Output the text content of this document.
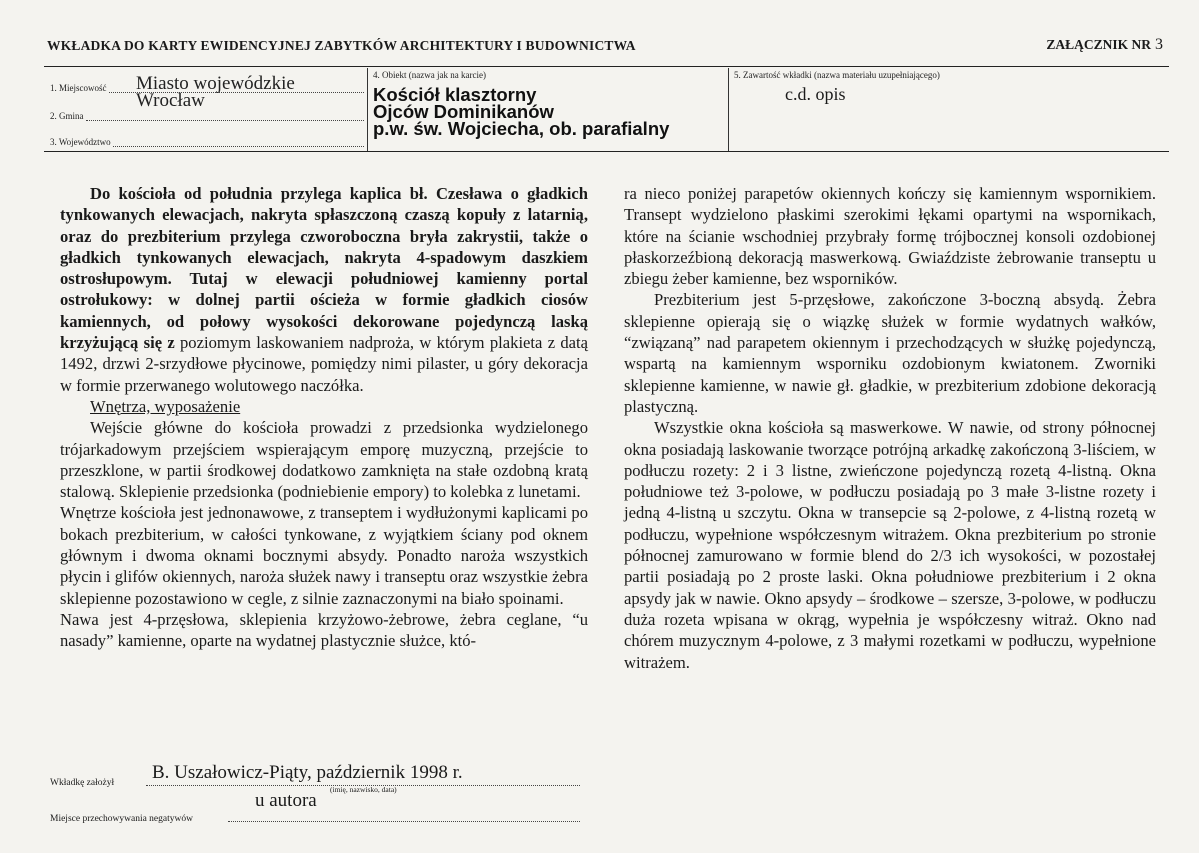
WKŁADKA DO KARTY EWIDENCYJNEJ ZABYTKÓW ARCHITEKTURY I BUDOWNICTWA	ZAŁĄCZNIK NR 3
1. Miejscowość Miasto wojewódzkie
2. Gmina
Wrocław
3. Województwo
4. Obiekt (nazwa jak na karcie)
Kościół klasztorny
Ojców Dominikanów
p.w. św. Wojciecha, ob. parafialny
5. Zawartość wkładki (nazwa materiału uzupełniającego)
c.d. opis

Do kościoła od południa przylega kaplica bł. Czesława o gładkich tynkowanych elewacjach, nakryta spłaszczoną czaszą kopuły z latarnią, oraz do prezbiterium przylega czworoboczna bryła zakrystii, także o gładkich tynkowanych elewacjach, nakryta 4-spadowym daszkiem ostrosłupowym. Tutaj w elewacji południowej kamienny portal ostrołukowy: w dolnej partii ościeża w formie gładkich ciosów kamiennych, od połowy wysokości dekorowane pojedynczą laską krzyżującą się z poziomym laskowaniem nadproża, w którym plakieta z datą 1492, drzwi 2-srzydłowe płycinowe, pomiędzy nimi pilaster, u góry dekoracja w formie przerwanego wolutowego naczółka.

Wnętrza, wyposażenie

Wejście główne do kościoła prowadzi z przedsionka wydzielonego trójarkadowym przejściem wspierającym emporę muzyczną, przejście to przeszklone, w partii środkowej dodatkowo zamknięta na stałe ozdobną kratą stalową. Sklepienie przedsionka (podniebienie empory) to kolebka z lunetami.

Wnętrze kościoła jest jednonawowe, z transeptem i wydłużonymi kaplicami po bokach prezbiterium, w całości tynkowane, z wyjątkiem ściany pod oknem głównym i dwoma oknami bocznymi absydy. Ponadto naroża wszystkich płycin i glifów okiennych, naroża służek nawy i transeptu oraz wszystkie żebra sklepienne pozostawiono w cegle, z silnie zaznaczonymi na biało spoinami.

Nawa jest 4-przęsłowa, sklepienia krzyżowo-żebrowe, żebra ceglane, “u nasady” kamienne, oparte na wydatnej plastycznie służce, któ-

ra nieco poniżej parapetów okiennych kończy się kamiennym wspornikiem. Transept wydzielono płaskimi szerokimi łękami opartymi na wspornikach, które na ścianie wschodniej przybrały formę trójbocznej konsoli ozdobionej płaskorzeźbioną dekoracją maswerkową. Gwiaździste żebrowanie transeptu u zbiegu żeber kamienne, bez wsporników.

Prezbiterium jest 5-przęsłowe, zakończone 3-boczną absydą. Żebra sklepienne opierają się o wiązkę służek w formie wydatnych wałków, “związaną” nad parapetem okiennym i przechodzących w służkę pojedynczą, wspartą na kamiennym wsporniku ozdobionym kwiatonem. Zworniki sklepienne kamienne, w nawie gł. gładkie, w prezbiterium zdobione dekoracją plastyczną.

Wszystkie okna kościoła są maswerkowe. W nawie, od strony północnej okna posiadają laskowanie tworzące potrójną arkadkę zakończoną 3-liściem, w podłuczu rozety: 2 i 3 listne, zwieńczone pojedynczą rozetą 4-listną. Okna południowe też 3-polowe, w podłuczu posiadają po 3 małe 3-listne rozety i jedną 4-listną u szczytu. Okna w transepcie są 2-polowe, z 4-listną rozetą w podłuczu, wypełnione współczesnym witrażem. Okna prezbiterium po stronie północnej zamurowano w formie blend do 2/3 ich wysokości, w pozostałej partii posiadają po 2 proste laski. Okna południowe prezbiterium i 2 okna apsydy jak w nawie. Okno apsydy – środkowe – szersze, 3-polowe, w podłuczu duża rozeta wpisana w okrąg, wypełnia je współczesny witraż. Okno nad chórem muzycznym 4-polowe, z 3 małymi rozetkami w podłuczu, wypełnione witrażem.

Wkładkę założył B. Uszałowicz-Piąty, październik 1998 r.
(imię, nazwisko, data)
u autora
Miejsce przechowywania negatywów
